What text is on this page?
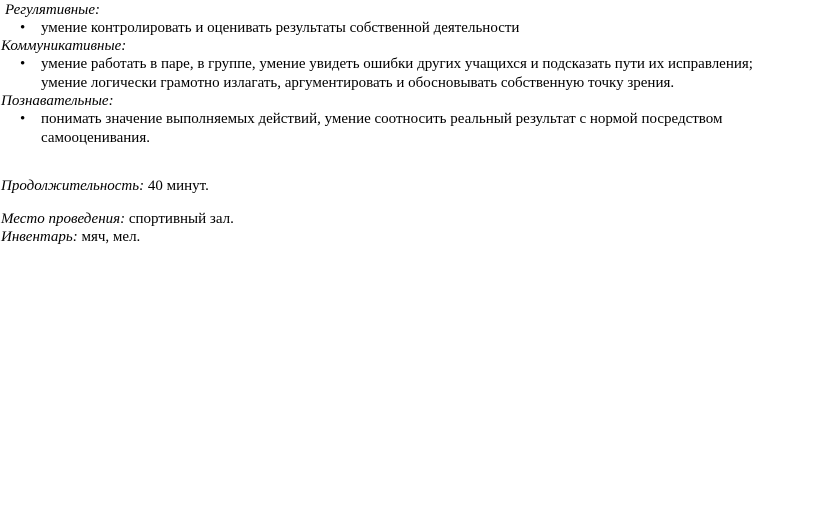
Регулятивные:
•	умение контролировать и оценивать результаты собственной деятельности
Коммуникативные:
•	умение работать в паре, в группе, умение увидеть ошибки других учащихся и подсказать пути их исправления; умение логически грамотно излагать, аргументировать и обосновывать собственную точку зрения.
Познавательные:
•	понимать значение выполняемых действий, умение соотносить реальный результат с нормой посредством самооценивания.
Продолжительность: 40 минут.
Место проведения: спортивный зал.
Инвентарь: мяч, мел.
